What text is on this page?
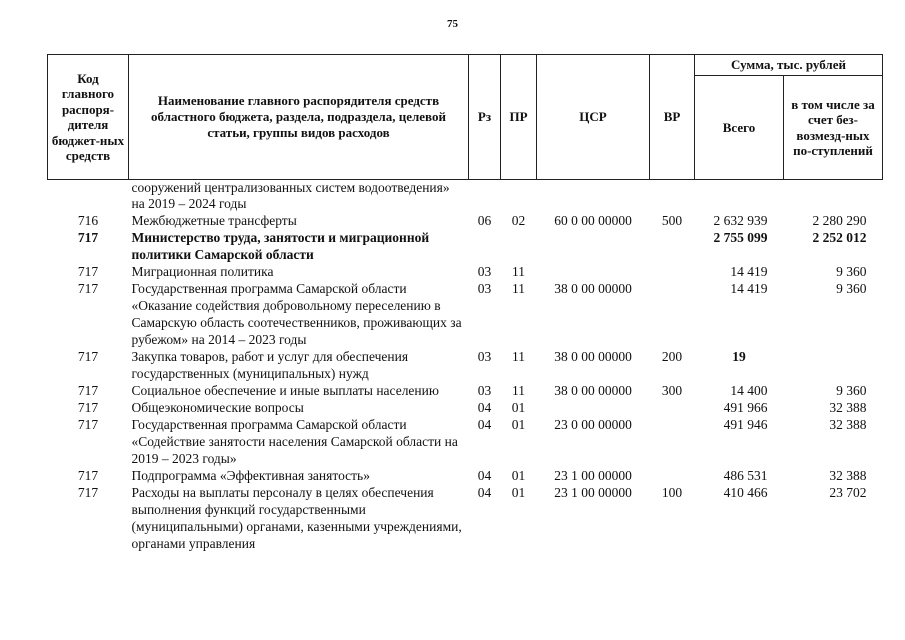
75
Код главного распоря-дителя бюджет-ных средств	Наименование главного распорядителя средств областного бюджета, раздела, подраздела, целевой статьи, группы видов расходов	Рз	ПР	ЦСР	ВР	Сумма, тыс. рублей	
						Всего	в том числе за счет без-возмезд-ных по-ступлений
	сооружений централизованных систем водоотведения» на 2019 – 2024 годы						
716	Межбюджетные трансферты	06	02	60 0 00 00000	500	2 632 939	2 280 290
717	Министерство труда, занятости и миграционной политики Самарской области					2 755 099	2 252 012
717	Миграционная политика	03	11			14 419	9 360
717	Государственная программа Самарской области «Оказание содействия добровольному переселению в Самарскую область соотечественников, проживающих за рубежом» на 2014 – 2023 годы	03	11	38 0 00 00000		14 419	9 360
717	Закупка товаров, работ и услуг для обеспечения государственных (муниципальных) нужд	03	11	38 0 00 00000	200	19	
717	Социальное обеспечение и иные выплаты населению	03	11	38 0 00 00000	300	14 400	9 360
717	Общеэкономические вопросы	04	01			491 966	32 388
717	Государственная программа Самарской области «Содействие занятости населения Самарской области на 2019 – 2023 годы»	04	01	23 0 00 00000		491 946	32 388
717	Подпрограмма «Эффективная занятость»	04	01	23 1 00 00000		486 531	32 388
717	Расходы на выплаты персоналу в целях обеспечения выполнения функций государственными (муниципальными) органами, казенными учреждениями, органами управления	04	01	23 1 00 00000	100	410 466	23 702
